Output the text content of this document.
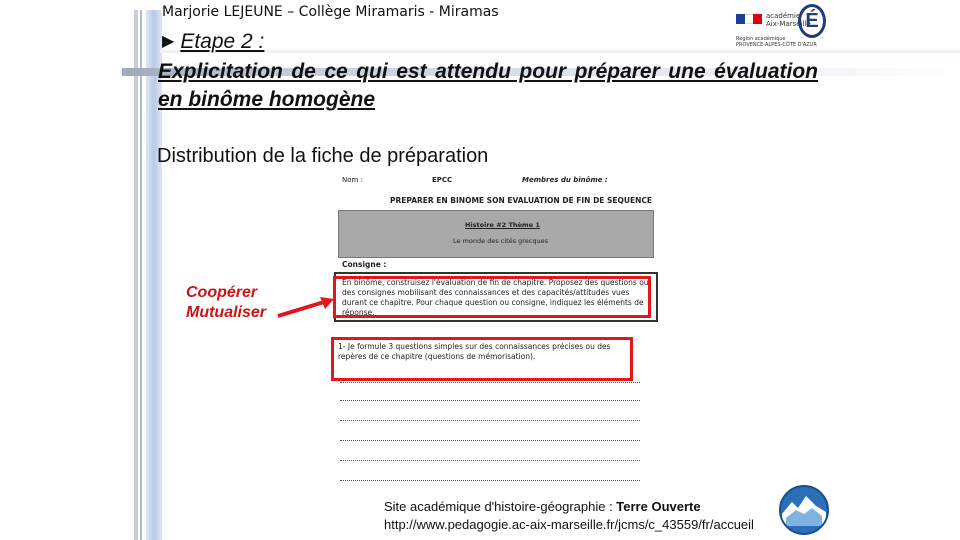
Marjorie LEJEUNE – Collège Miramaris - Miramas	académie
Aix-Marseille
É
Région académique
PROVENCE-ALPES-CÔTE D'AZUR
▶ Etape 2 :
Explicitation de ce qui est attendu pour préparer une évaluation en binôme homogène
Distribution de la fiche de préparation
Nom :	EPCC	Membres du binôme :
PREPARER EN BINOME SON EVALUATION DE FIN DE SEQUENCE
Histoire #2 Thème 1
Le monde des cités grecques
Consigne :
En binôme, construisez l'évaluation de fin de chapitre. Proposez des questions ou des consignes mobilisant des connaissances et des capacités/attitudes vues durant ce chapitre. Pour chaque question ou consigne, indiquez les éléments de réponse.
1- Je formule 3 questions simples sur des connaissances précises ou des repères de ce chapitre (questions de mémorisation).
Coopérer
Mutualiser
Site académique d'histoire-géographie : Terre Ouverte
http://www.pedagogie.ac-aix-marseille.fr/jcms/c_43559/fr/accueil
